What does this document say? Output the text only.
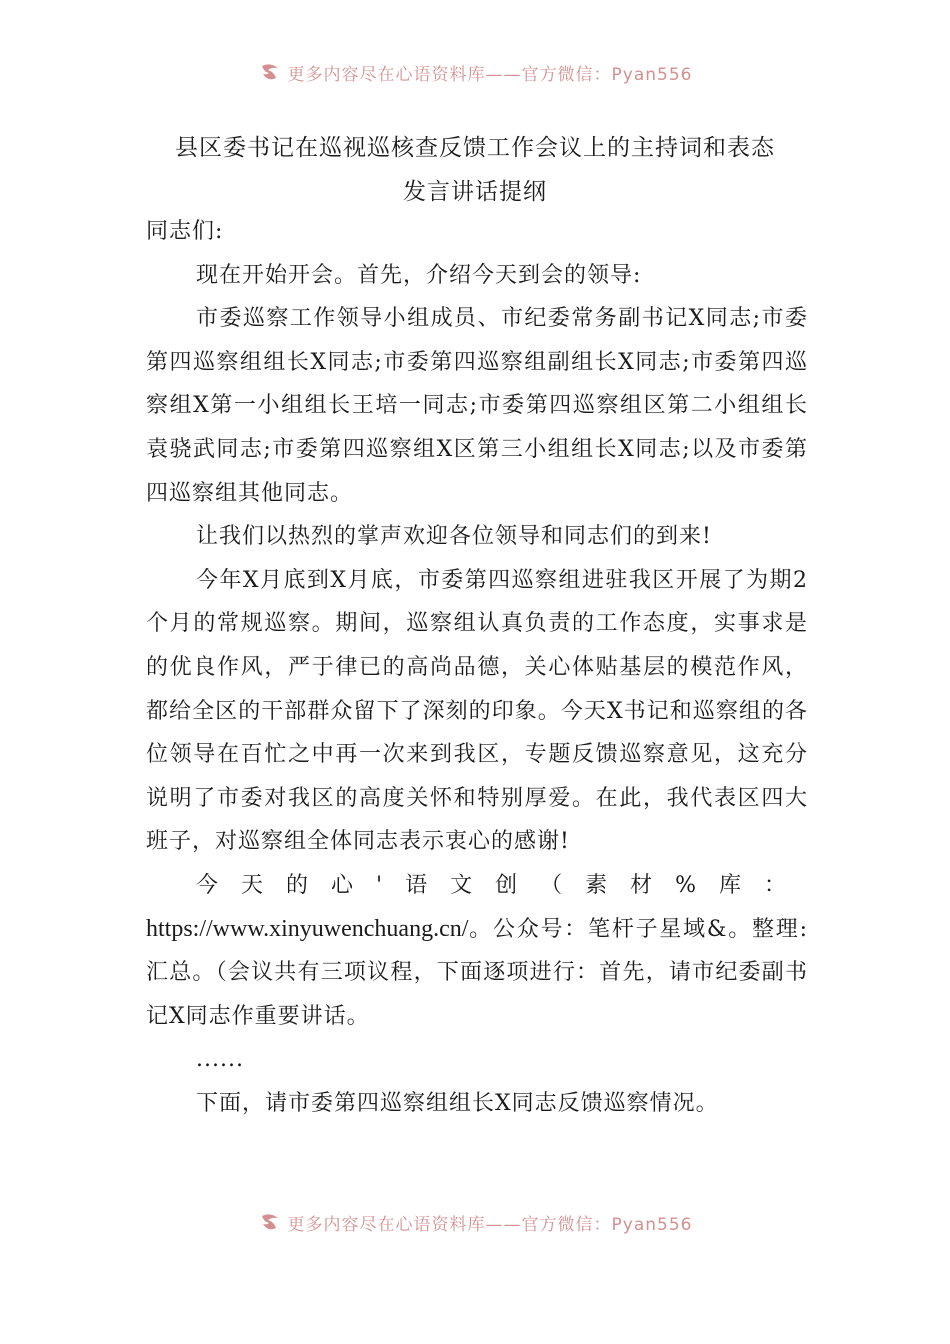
更多内容尽在心语资料库——官方微信：Pyan556
县区委书记在巡视巡核查反馈工作会议上的主持词和表态
发言讲话提纲

同志们:

现在开始开会。首先，介绍今天到会的领导:

市委巡察工作领导小组成员、市纪委常务副书记X同志;市委第四巡察组组长X同志;市委第四巡察组副组长X同志;市委第四巡察组X第一小组组长王培一同志;市委第四巡察组区第二小组组长袁骁武同志;市委第四巡察组X区第三小组组长X同志;以及市委第四巡察组其他同志。

让我们以热烈的掌声欢迎各位领导和同志们的到来!

今年X月底到X月底，市委第四巡察组进驻我区开展了为期2个月的常规巡察。期间，巡察组认真负责的工作态度，实事求是的优良作风，严于律已的高尚品德，关心体贴基层的模范作风，都给全区的干部群众留下了深刻的印象。今天X书记和巡察组的各位领导在百忙之中再一次来到我区，专题反馈巡察意见，这充分说明了市委对我区的高度关怀和特别厚爱。在此，我代表区四大班子，对巡察组全体同志表示衷心的感谢!

今天的心'语文创（素材%库：https://www.xinyuwenchuang.cn/。公众号：笔杆子星域&。整理:汇总。（会议共有三项议程，下面逐项进行：首先，请市纪委副书记X同志作重要讲话。

......

下面，请市委第四巡察组组长X同志反馈巡察情况。

更多内容尽在心语资料库——官方微信：Pyan556
